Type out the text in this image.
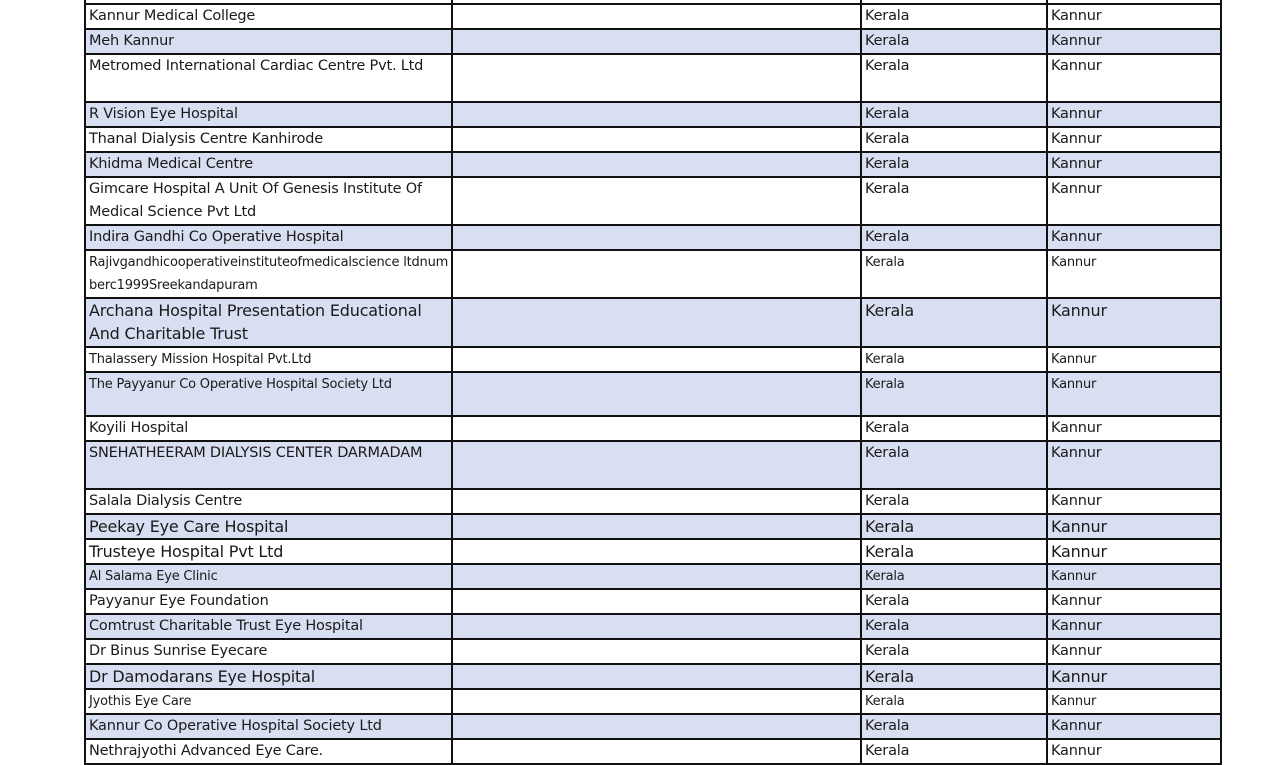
Kannur Medical College		Kerala	Kannur
Meh Kannur		Kerala	Kannur
Metromed International Cardiac Centre Pvt. Ltd		Kerala	Kannur
R Vision Eye Hospital		Kerala	Kannur
Thanal Dialysis Centre Kanhirode		Kerala	Kannur
Khidma Medical Centre		Kerala	Kannur
Gimcare Hospital A Unit Of Genesis Institute Of Medical Science Pvt Ltd		Kerala	Kannur
Indira Gandhi Co Operative Hospital		Kerala	Kannur
Rajivgandhicooperativeinstituteofmedicalscience ltdnumberc1999Sreekandapuram		Kerala	Kannur
Archana Hospital Presentation Educational And Charitable Trust		Kerala	Kannur
Thalassery Mission Hospital Pvt.Ltd		Kerala	Kannur
The Payyanur Co Operative Hospital Society Ltd		Kerala	Kannur
Koyili Hospital		Kerala	Kannur
SNEHATHEERAM DIALYSIS CENTER DARMADAM		Kerala	Kannur
Salala Dialysis Centre		Kerala	Kannur
Peekay Eye Care Hospital		Kerala	Kannur
Trusteye Hospital Pvt Ltd		Kerala	Kannur
Al Salama Eye Clinic		Kerala	Kannur
Payyanur Eye Foundation		Kerala	Kannur
Comtrust Charitable Trust Eye Hospital		Kerala	Kannur
Dr Binus Sunrise Eyecare		Kerala	Kannur
Dr Damodarans Eye Hospital		Kerala	Kannur
Jyothis Eye Care		Kerala	Kannur
Kannur Co Operative Hospital Society Ltd		Kerala	Kannur
Nethrajyothi Advanced Eye Care.		Kerala	Kannur
